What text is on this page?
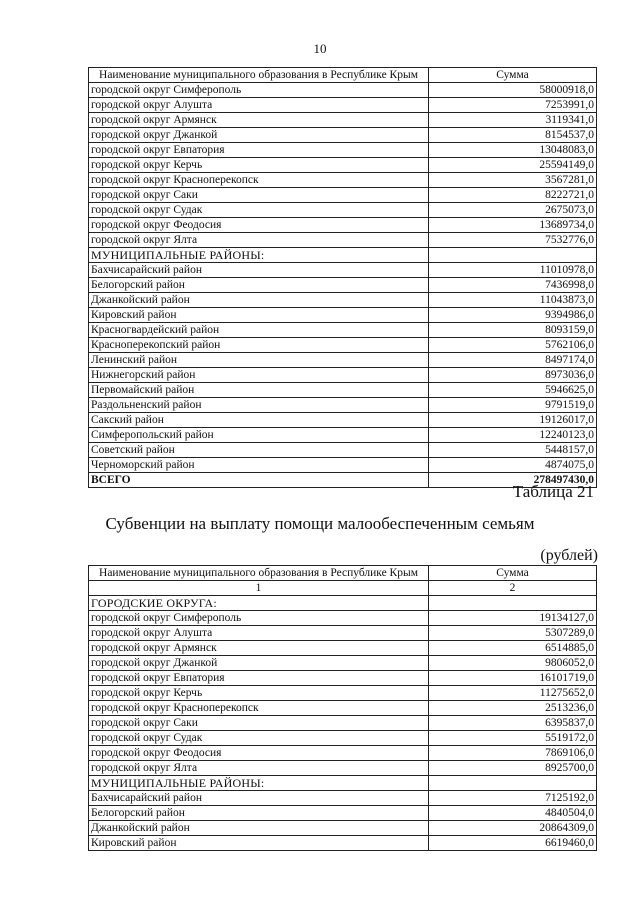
10
Наименование муниципального образования в Республике Крым	Сумма
городской округ Симферополь	58000918,0
городской округ Алушта	7253991,0
городской округ Армянск	3119341,0
городской округ Джанкой	8154537,0
городской округ Евпатория	13048083,0
городской округ Керчь	25594149,0
городской округ Красноперекопск	3567281,0
городской округ Саки	8222721,0
городской округ Судак	2675073,0
городской округ Феодосия	13689734,0
городской округ Ялта	7532776,0
МУНИЦИПАЛЬНЫЕ РАЙОНЫ:	
Бахчисарайский район	11010978,0
Белогорский район	7436998,0
Джанкойский район	11043873,0
Кировский район	9394986,0
Красногвардейский район	8093159,0
Красноперекопский район	5762106,0
Ленинский район	8497174,0
Нижнегорский район	8973036,0
Первомайский район	5946625,0
Раздольненский район	9791519,0
Сакский район	19126017,0
Симферопольский район	12240123,0
Советский район	5448157,0
Черноморский район	4874075,0
ВСЕГО	278497430,0
Таблица 21
Субвенции на выплату помощи малообеспеченным семьям
(рублей)
Наименование муниципального образования в Республике Крым	Сумма
1	2
ГОРОДСКИЕ ОКРУГА:	
городской округ Симферополь	19134127,0
городской округ Алушта	5307289,0
городской округ Армянск	6514885,0
городской округ Джанкой	9806052,0
городской округ Евпатория	16101719,0
городской округ Керчь	11275652,0
городской округ Красноперекопск	2513236,0
городской округ Саки	6395837,0
городской округ Судак	5519172,0
городской округ Феодосия	7869106,0
городской округ Ялта	8925700,0
МУНИЦИПАЛЬНЫЕ РАЙОНЫ:	
Бахчисарайский район	7125192,0
Белогорский район	4840504,0
Джанкойский район	20864309,0
Кировский район	6619460,0
